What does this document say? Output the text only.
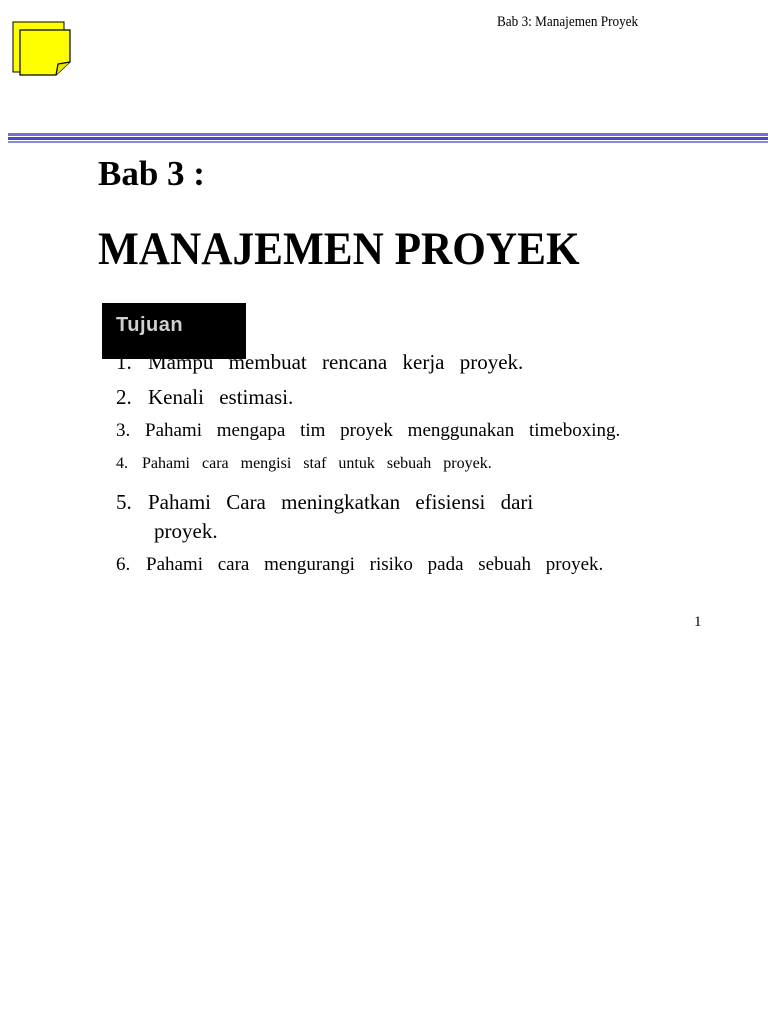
Bab 3: Manajemen Proyek
Bab 3 :
MANAJEMEN PROYEK
Tujuan
1. Mampu membuat rencana kerja proyek.
2. Kenali estimasi.
3. Pahami mengapa tim proyek menggunakan timeboxing.
4. Pahami cara mengisi staf untuk sebuah proyek.
5. Pahami Cara meningkatkan efisiensi dari
proyek.
6. Pahami cara mengurangi risiko pada sebuah proyek.
1
